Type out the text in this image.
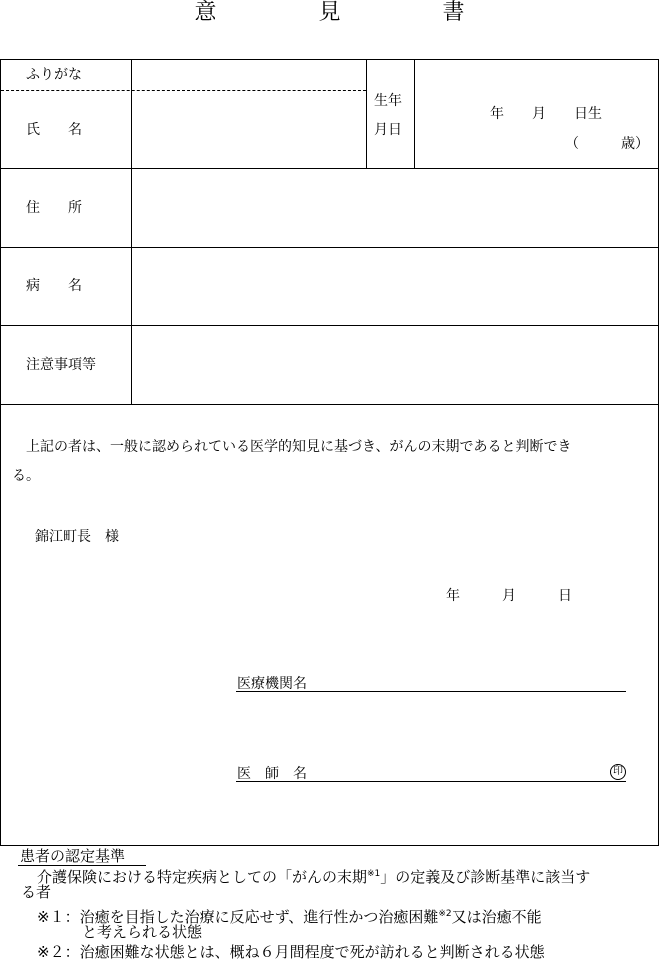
意　見　書
ふりがな
氏　　名
生年
月日
年　　月　　日生
（　　　歳）
住　　所
病　　名
注意事項等
上記の者は、一般に認められている医学的知見に基づき、がんの末期であると判断でき
る。
錦江町長　様
年　　　月　　　日
医療機関名
医　師　名	印
患者の認定基準
介護保険における特定疾病としての「がんの末期$^{※1}$」の定義及び診断基準に該当す
る者
※１：治癒を目指した治療に反応せず、進行性かつ治癒困難$^{※2}$又は治癒不能
と考えられる状態
※２：治癒困難な状態とは、概ね６月間程度で死が訪れると判断される状態
